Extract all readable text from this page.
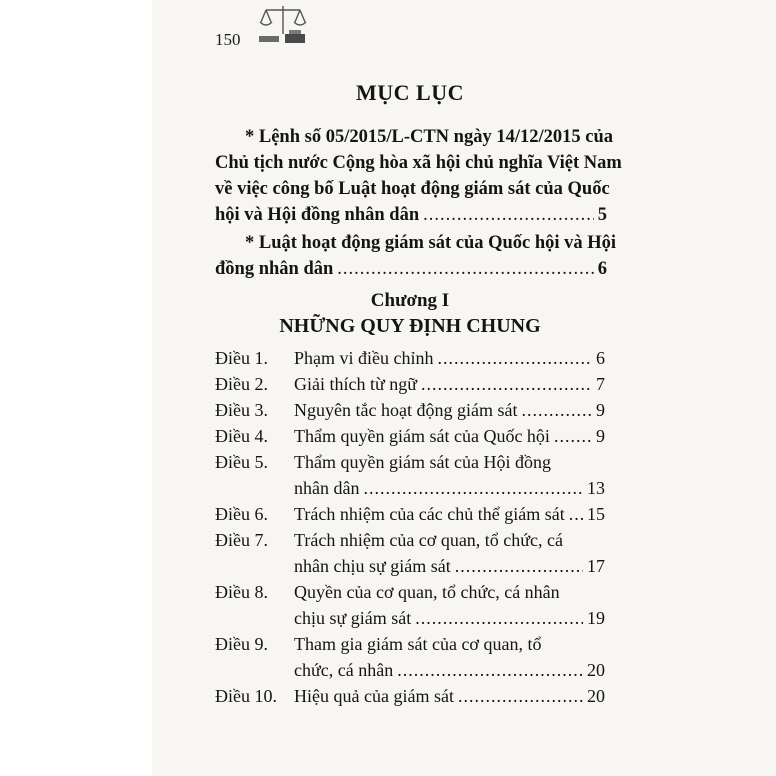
150
MỤC LỤC
* Lệnh số 05/2015/L-CTN ngày 14/12/2015 của
Chủ tịch nước Cộng hòa xã hội chủ nghĩa Việt Nam
về việc công bố Luật hoạt động giám sát của Quốc
hội và Hội đồng nhân dân .....	5
* Luật hoạt động giám sát của Quốc hội và Hội
đồng nhân dân .....	6
Chương I
NHỮNG QUY ĐỊNH CHUNG
Điều 1. Phạm vi điều chỉnh .....	6
Điều 2. Giải thích từ ngữ .....	7
Điều 3. Nguyên tắc hoạt động giám sát .....	9
Điều 4. Thẩm quyền giám sát của Quốc hội .....	9
Điều 5. Thẩm quyền giám sát của Hội đồng
nhân dân .....	13
Điều 6. Trách nhiệm của các chủ thể giám sát ..... 15
Điều 7. Trách nhiệm của cơ quan, tổ chức, cá
nhân chịu sự giám sát .....	17
Điều 8. Quyền của cơ quan, tổ chức, cá nhân
chịu sự giám sát .....	19
Điều 9. Tham gia giám sát của cơ quan, tổ
chức, cá nhân .....	20
Điều 10. Hiệu quả của giám sát .....	20
